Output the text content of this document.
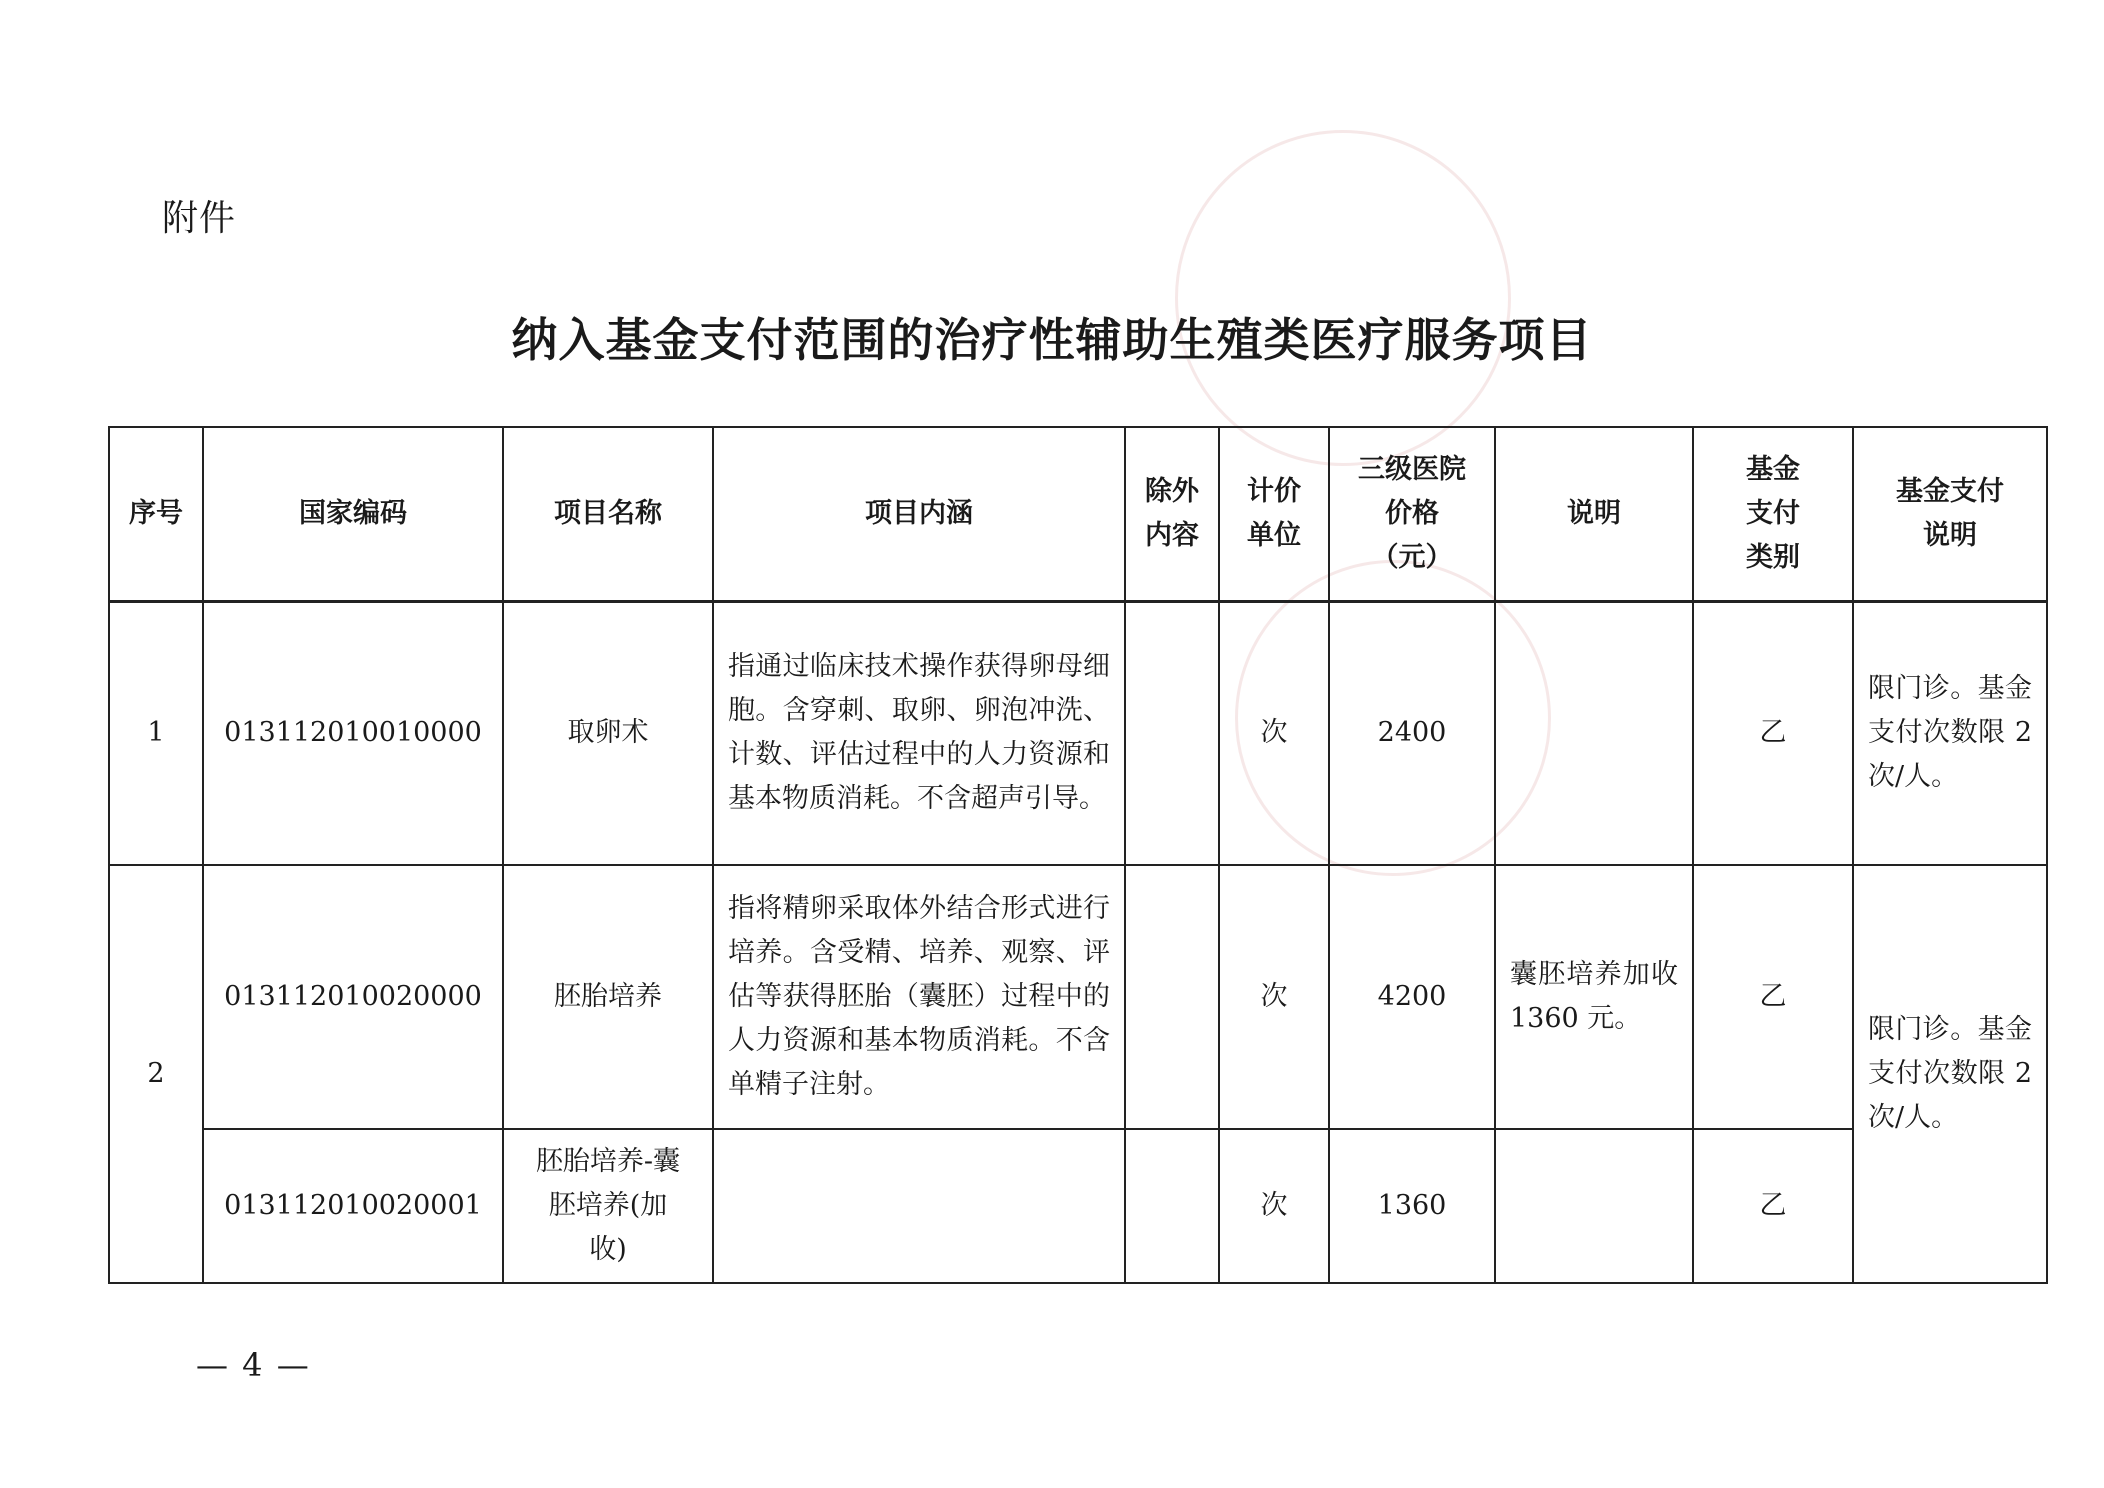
附件
纳入基金支付范围的治疗性辅助生殖类医疗服务项目
序号	国家编码	项目名称	项目内涵	除外内容	计价单位	三级医院价格（元）	说明	基金支付类别	基金支付说明

1	013112010010000	取卵术	指通过临床技术操作获得卵母细胞。含穿刺、取卵、卵泡冲洗、计数、评估过程中的人力资源和基本物质消耗。不含超声引导。		次	2400		乙	限门诊。基金支付次数限 2 次/人。

2	013112010020000	胚胎培养	指将精卵采取体外结合形式进行培养。含受精、培养、观察、评估等获得胚胎（囊胚）过程中的人力资源和基本物质消耗。不含单精子注射。		次	4200	囊胚培养加收 1360 元。	乙	限门诊。基金支付次数限 2 次/人。

	013112010020001	胚胎培养-囊胚培养(加收)			次	1360		乙	
— 4 —
